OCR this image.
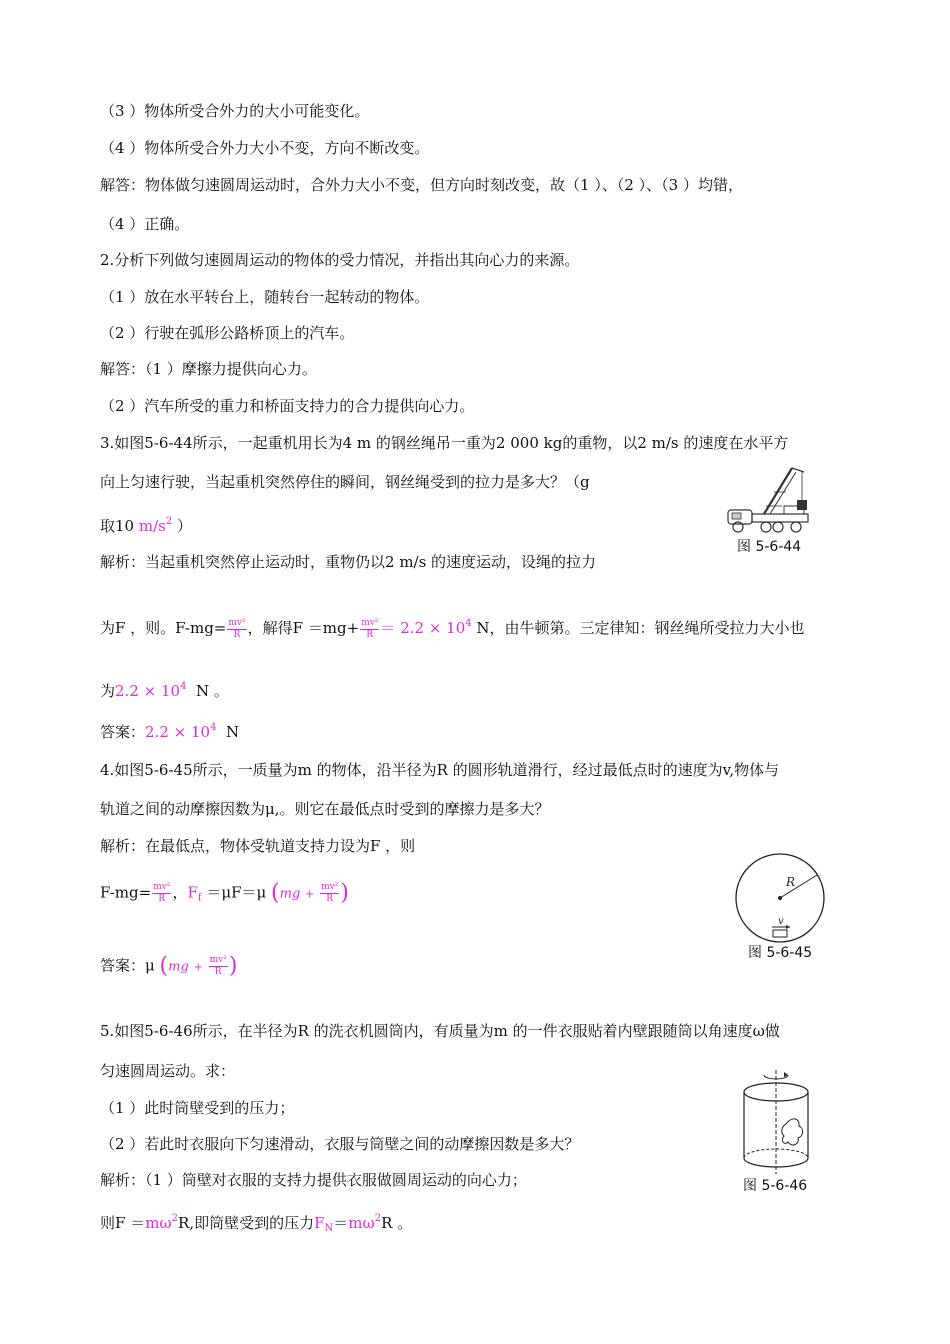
（3 ）物体所受合外力的大小可能变化。
（4 ）物体所受合外力大小不变，方向不断改变。
解答：物体做匀速圆周运动时，合外力大小不变，但方向时刻改变，故（1 ）、（2 ）、（3 ）均错，
（4 ）正确。
2.分析下列做匀速圆周运动的物体的受力情况，并指出其向心力的来源。
（1 ）放在水平转台上，随转台一起转动的物体。
（2 ）行驶在弧形公路桥顶上的汽车。
解答：（1 ）摩擦力提供向心力。
（2 ）汽车所受的重力和桥面支持力的合力提供向心力。
3.如图5-6-44所示，一起重机用长为4 m 的钢丝绳吊一重为2 000 kg的重物，以2 m/s 的速度在水平方
向上匀速行驶，当起重机突然停住的瞬间，钢丝绳受到的拉力是多大？（g
取10 $m/s^2$ ）
图 5-6-44
解析：当起重机突然停止运动时，重物仍以2 m/s 的速度运动，设绳的拉力
为F ，则。$F-mg= \frac{\text{mv²}}{R}$ ，解得$F =mg+ \frac{\text{mv²}}{R} = 2.2 \times 10^4$ N，由牛顿第。三定律知：钢丝绳所受拉力大小也
为$2.2 \times 10^4$ N 。
答案：$2.2 \times 10^4$ N
4.如图5-6-45所示，一质量为m 的物体，沿半径为R 的圆形轨道滑行，经过最低点时的速度为v,物体与
轨道之间的动摩擦因数为μ,。则它在最低点时受到的摩擦力是多大？
解析：在最低点，物体受轨道支持力设为F ，则
$F-mg= \frac{\text{mv²}}{R}$ ，$F_f =\mu F=\mu$ ($mg + \frac{\text{mv²}}{R}$ )	R
v
图 5-6-45
答案：μ ($mg + \frac{\text{mv²}}{R}$ )
5.如图5-6-46所示，在半径为R 的洗衣机圆筒内，有质量为m 的一件衣服贴着内壁跟随筒以角速度ω做
匀速圆周运动。求：
（1 ）此时筒壁受到的压力；
（2 ）若此时衣服向下匀速滑动，衣服与筒壁之间的动摩擦因数是多大？
解析：（1 ）筒壁对衣服的支持力提供衣服做圆周运动的向心力；
则$F =m\omega^2R$,即筒壁受到的压力$F_N=m\omega^2R$ 。
图 5-6-46
